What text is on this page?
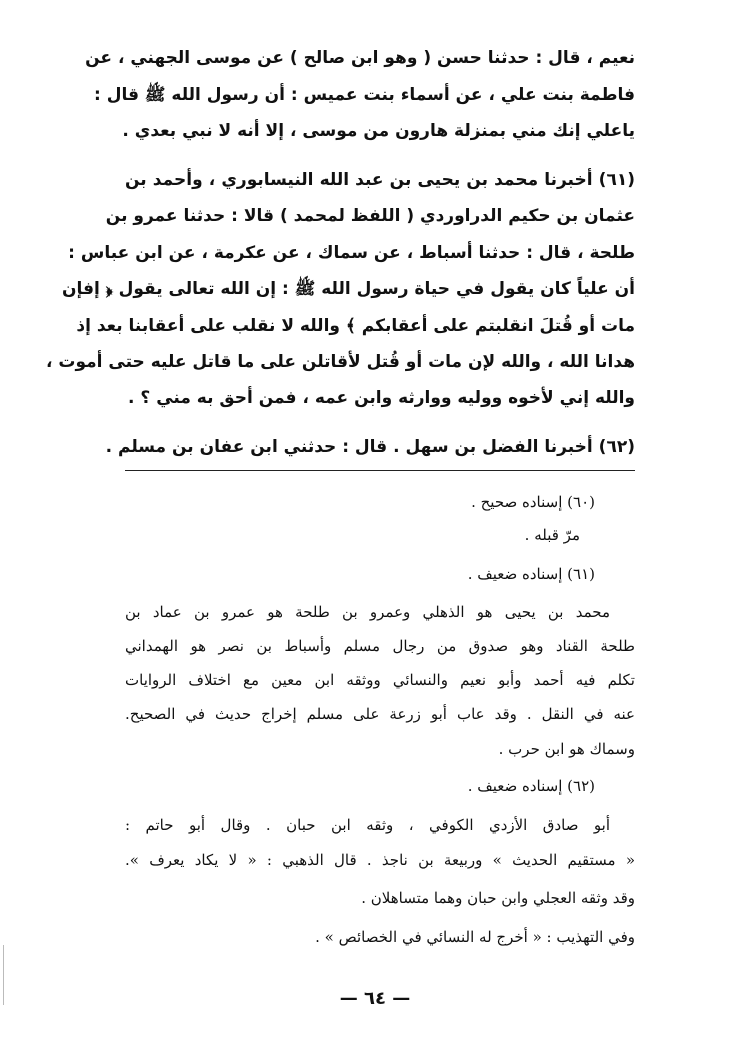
نعيم ، قال : حدثنا حسن ( وهو ابن صالح ) عن موسى الجهني ، عن
فاطمة بنت علي ، عن أسماء بنت عميس : أن رسول الله ﷺ قال :
ياعلي إنك مني بمنزلة هارون من موسى ، إلا أنه لا نبي بعدي .
(٦١) أخبرنا محمد بن يحيى بن عبد الله النيسابوري ، وأحمد بن
عثمان بن حكيم الدراوردي ( اللفظ لمحمد ) قالا : حدثنا عمرو بن
طلحة ، قال : حدثنا أسباط ، عن سماك ، عن عكرمة ، عن ابن عباس :
أن علياً كان يقول في حياة رسول الله ﷺ : إن الله تعالى يقول ﴿ إفإن
مات أو قُتلَ انقلبتم على أعقابكم ﴾ والله لا نقلب على أعقابنا بعد إذ
هدانا الله ، والله لإن مات أو قُتل لأقاتلن على ما قاتل عليه حتى أموت ،
والله إني لأخوه ووليه ووارثه وابن عمه ، فمن أحق به مني ؟ .
(٦٢) أخبرنا الفضل بن سهل . قال : حدثني ابن عفان بن مسلم .
(٦٠) إسناده صحيح .
مرّ قبله .
(٦١) إسناده ضعيف .
محمد بن يحيى هو الذهلي وعمرو بن طلحة هو عمرو بن عماد بن
طلحة القناد وهو صدوق من رجال مسلم وأسباط بن نصر هو الهمداني
تكلم فيه أحمد وأبو نعيم والنسائي ووثقه ابن معين مع اختلاف الروايات
عنه في النقل . وقد عاب أبو زرعة على مسلم إخراج حديث في الصحيح.
وسماك هو ابن حرب .
(٦٢) إسناده ضعيف .
أبو صادق الأزدي الكوفي ، وثقه ابن حبان . وقال أبو حاتم :
« مستقيم الحديث » وربيعة بن ناجذ . قال الذهبي : « لا يكاد يعرف ».
وقد وثقه العجلي وابن حبان وهما متساهلان .
وفي التهذيب : « أخرج له النسائي في الخصائص » .
— ٦٤ —
